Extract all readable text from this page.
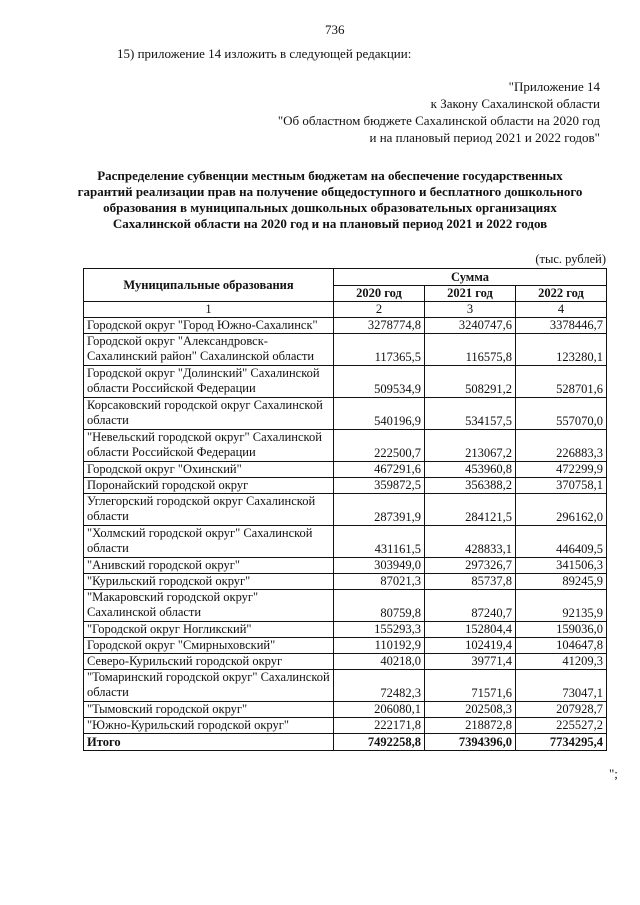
736
15) приложение 14 изложить в следующей редакции:
"Приложение 14
к Закону Сахалинской области
"Об областном бюджете Сахалинской области на 2020 год
и на плановый период 2021 и 2022 годов"
Распределение субвенции местным бюджетам на обеспечение государственных
гарантий реализации прав на получение общедоступного и бесплатного дошкольного
образования в муниципальных дошкольных образовательных организациях
Сахалинской области на 2020 год и на плановый период 2021 и 2022 годов
(тыс. рублей)
Муниципальные образования	Сумма		
	2020 год	2021 год	2022 год
1	2	3	4
Городской округ "Город Южно-Сахалинск"	3278774,8	3240747,6	3378446,7
Городской округ "Александровск-Сахалинский район" Сахалинской области	117365,5	116575,8	123280,1
Городской округ "Долинский" Сахалинской области Российской Федерации	509534,9	508291,2	528701,6
Корсаковский городской округ Сахалинской области	540196,9	534157,5	557070,0
"Невельский городской округ" Сахалинской области Российской Федерации	222500,7	213067,2	226883,3
Городской округ "Охинский"	467291,6	453960,8	472299,9
Поронайский городской округ	359872,5	356388,2	370758,1
Углегорский городской округ Сахалинской области	287391,9	284121,5	296162,0
"Холмский городской округ" Сахалинской области	431161,5	428833,1	446409,5
"Анивский городской округ"	303949,0	297326,7	341506,3
"Курильский городской округ"	87021,3	85737,8	89245,9
"Макаровский городской округ" Сахалинской области	80759,8	87240,7	92135,9
"Городской округ Ногликский"	155293,3	152804,4	159036,0
Городской округ "Смирныховский"	110192,9	102419,4	104647,8
Северо-Курильский городской округ	40218,0	39771,4	41209,3
"Томаринский городской округ" Сахалинской области	72482,3	71571,6	73047,1
"Тымовский городской округ"	206080,1	202508,3	207928,7
"Южно-Курильский городской округ"	222171,8	218872,8	225527,2
Итого	7492258,8	7394396,0	7734295,4
";
